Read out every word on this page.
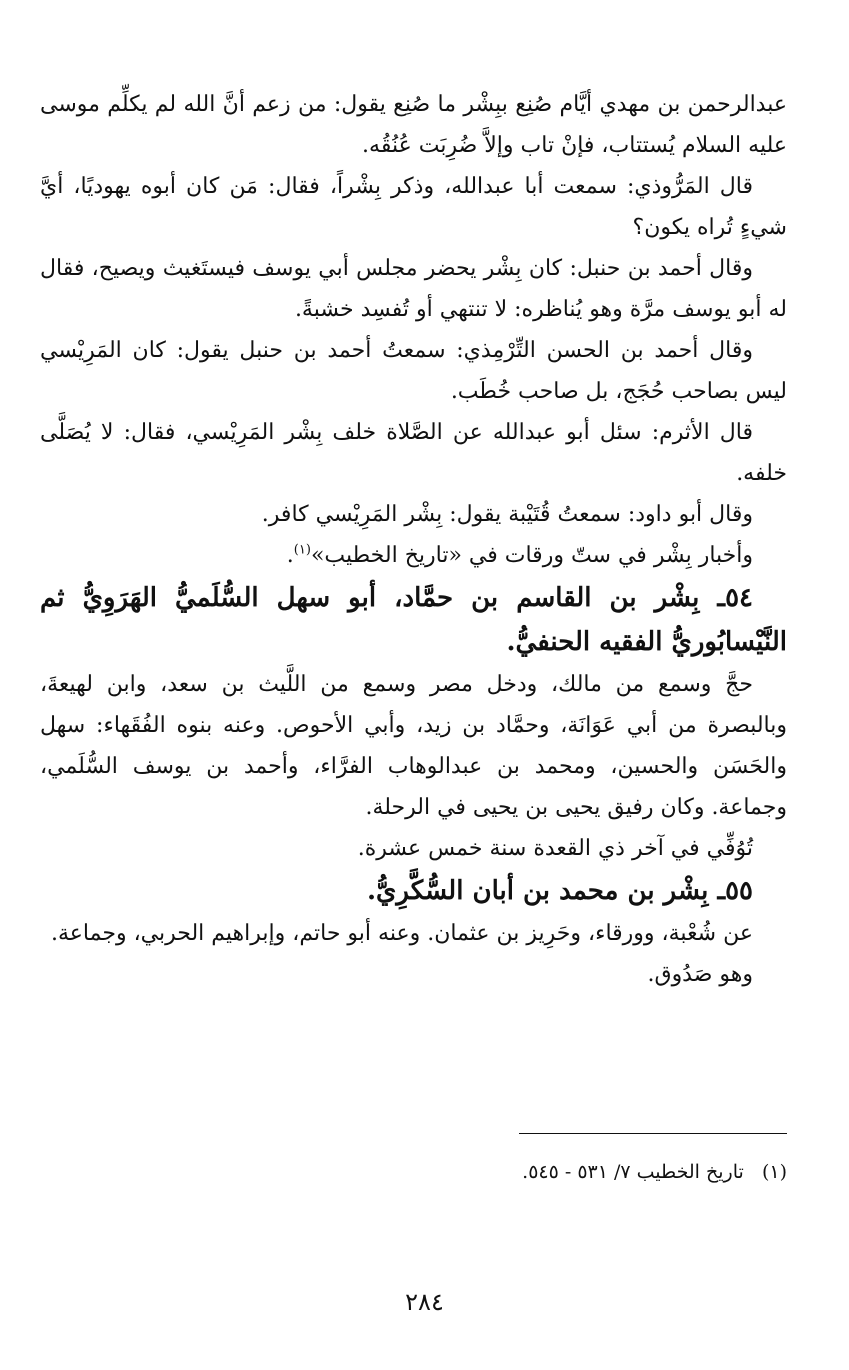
عبدالرحمن بن مهدي أيَّام صُنِع ببِشْر ما صُنِع يقول: من زعم أنَّ الله لم يكلِّم موسى عليه السلام يُستتاب، فإنْ تاب وإلاَّ ضُرِبَت عُنُقُه.

قال المَرُّوذي: سمعت أبا عبدالله، وذكر بِشْراً، فقال: مَن كان أبوه يهوديًا، أيَّ شيءٍ تُراه يكون؟

وقال أحمد بن حنبل: كان بِشْر يحضر مجلس أبي يوسف فيستَغيث ويصيح، فقال له أبو يوسف مرَّة وهو يُناظره: لا تنتهي أو تُفسِد خشبةً.

وقال أحمد بن الحسن التِّرْمِذي: سمعتُ أحمد بن حنبل يقول: كان المَرِيْسي ليس بصاحب حُجَج، بل صاحب خُطَب.

قال الأثرم: سئل أبو عبدالله عن الصَّلاة خلف بِشْر المَرِيْسي، فقال: لا يُصَلَّى خلفه.

وقال أبو داود: سمعتُ قُتَيْبة يقول: بِشْر المَرِيْسي كافر.

وأخبار بِشْر في ستّ ورقات في «تاريخ الخطيب»$^{(١)}$.

٥٤ـ بِشْر بن القاسم بن حمَّاد، أبو سهل السُّلَميُّ الهَرَوِيُّ ثم النَّيْسابُوريُّ الفقيه الحنفيُّ.

حجَّ وسمع من مالك، ودخل مصر وسمع من اللَّيث بن سعد، وابن لهيعةَ، وبالبصرة من أبي عَوَانَة، وحمَّاد بن زيد، وأبي الأحوص. وعنه بنوه الفُقَهاء: سهل والحَسَن والحسين، ومحمد بن عبدالوهاب الفرَّاء، وأحمد بن يوسف السُّلَمي، وجماعة. وكان رفيق يحيى بن يحيى في الرحلة.

تُوُفِّي في آخر ذي القعدة سنة خمس عشرة.

٥٥ـ بِشْر بن محمد بن أبان السُّكَّرِيُّ.

عن شُعْبة، وورقاء، وحَرِيز بن عثمان. وعنه أبو حاتم، وإبراهيم الحربي، وجماعة.

وهو صَدُوق.

(١)   تاريخ الخطيب ٧/ ٥٣١ - ٥٤٥.

٢٨٤
